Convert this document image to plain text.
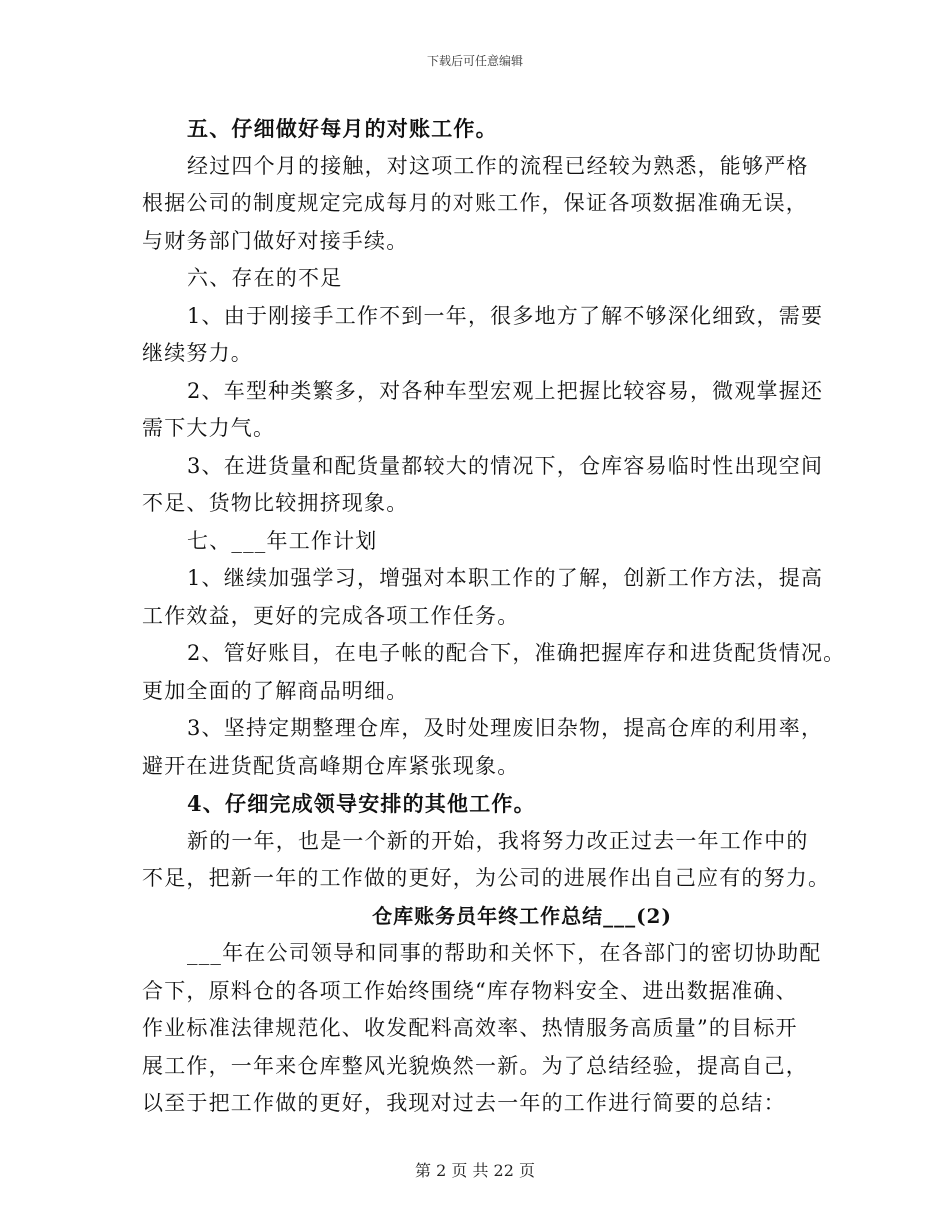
下载后可任意编辑

五、仔细做好每月的对账工作。

经过四个月的接触，对这项工作的流程已经较为熟悉，能够严格
根据公司的制度规定完成每月的对账工作，保证各项数据准确无误，
与财务部门做好对接手续。

六、存在的不足

1、由于刚接手工作不到一年，很多地方了解不够深化细致，需要
继续努力。

2、车型种类繁多，对各种车型宏观上把握比较容易，微观掌握还
需下大力气。

3、在进货量和配货量都较大的情况下，仓库容易临时性出现空间
不足、货物比较拥挤现象。

七、___年工作计划

1、继续加强学习，增强对本职工作的了解，创新工作方法，提高
工作效益，更好的完成各项工作任务。

2、管好账目，在电子帐的配合下，准确把握库存和进货配货情况。
更加全面的了解商品明细。

3、坚持定期整理仓库，及时处理废旧杂物，提高仓库的利用率，
避开在进货配货高峰期仓库紧张现象。

4、仔细完成领导安排的其他工作。

新的一年，也是一个新的开始，我将努力改正过去一年工作中的
不足，把新一年的工作做的更好，为公司的进展作出自己应有的努力。

仓库账务员年终工作总结___(2)

___年在公司领导和同事的帮助和关怀下，在各部门的密切协助配
合下，原料仓的各项工作始终围绕“库存物料安全、进出数据准确、
作业标准法律规范化、收发配料高效率、热情服务高质量”的目标开
展工作，一年来仓库整风光貌焕然一新。为了总结经验，提高自己，
以至于把工作做的更好，我现对过去一年的工作进行简要的总结：

第 2 页 共 22 页
